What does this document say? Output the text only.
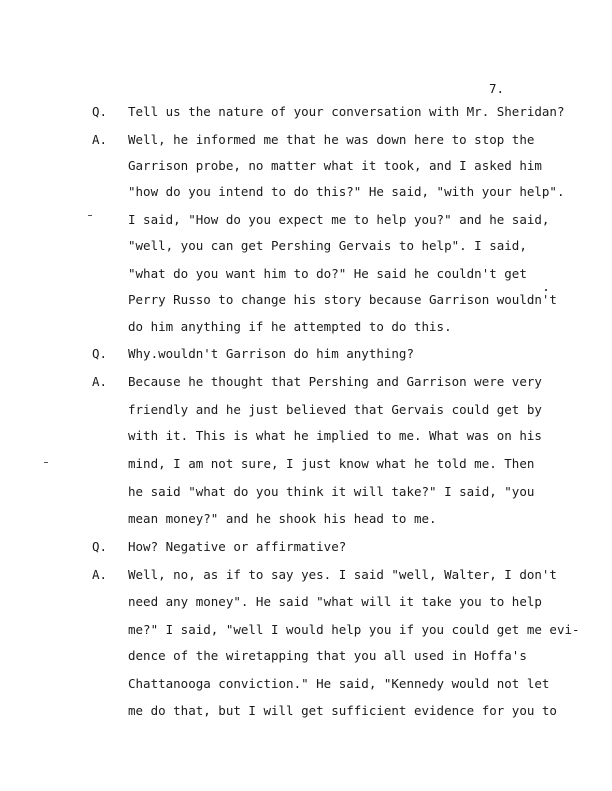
7.
Q. Tell us the nature of your conversation with Mr. Sheridan?
A. Well, he informed me that he was down here to stop the
Garrison probe, no matter what it took, and I asked him
"how do you intend to do this?" He said, "with your help".
I said, "How do you expect me to help you?" and he said,
"well, you can get Pershing Gervais to help". I said,
"what do you want him to do?" He said he couldn't get
Perry Russo to change his story because Garrison wouldn't
do him anything if he attempted to do this.
Q. Why.wouldn't Garrison do him anything?
A. Because he thought that Pershing and Garrison were very
friendly and he just believed that Gervais could get by
with it. This is what he implied to me. What was on his
mind, I am not sure, I just know what he told me. Then
he said "what do you think it will take?" I said, "you
mean money?" and he shook his head to me.
Q. How? Negative or affirmative?
A. Well, no, as if to say yes. I said "well, Walter, I don't
need any money". He said "what will it take you to help
me?" I said, "well I would help you if you could get me evi-
dence of the wiretapping that you all used in Hoffa's
Chattanooga conviction." He said, "Kennedy would not let
me do that, but I will get sufficient evidence for you to
